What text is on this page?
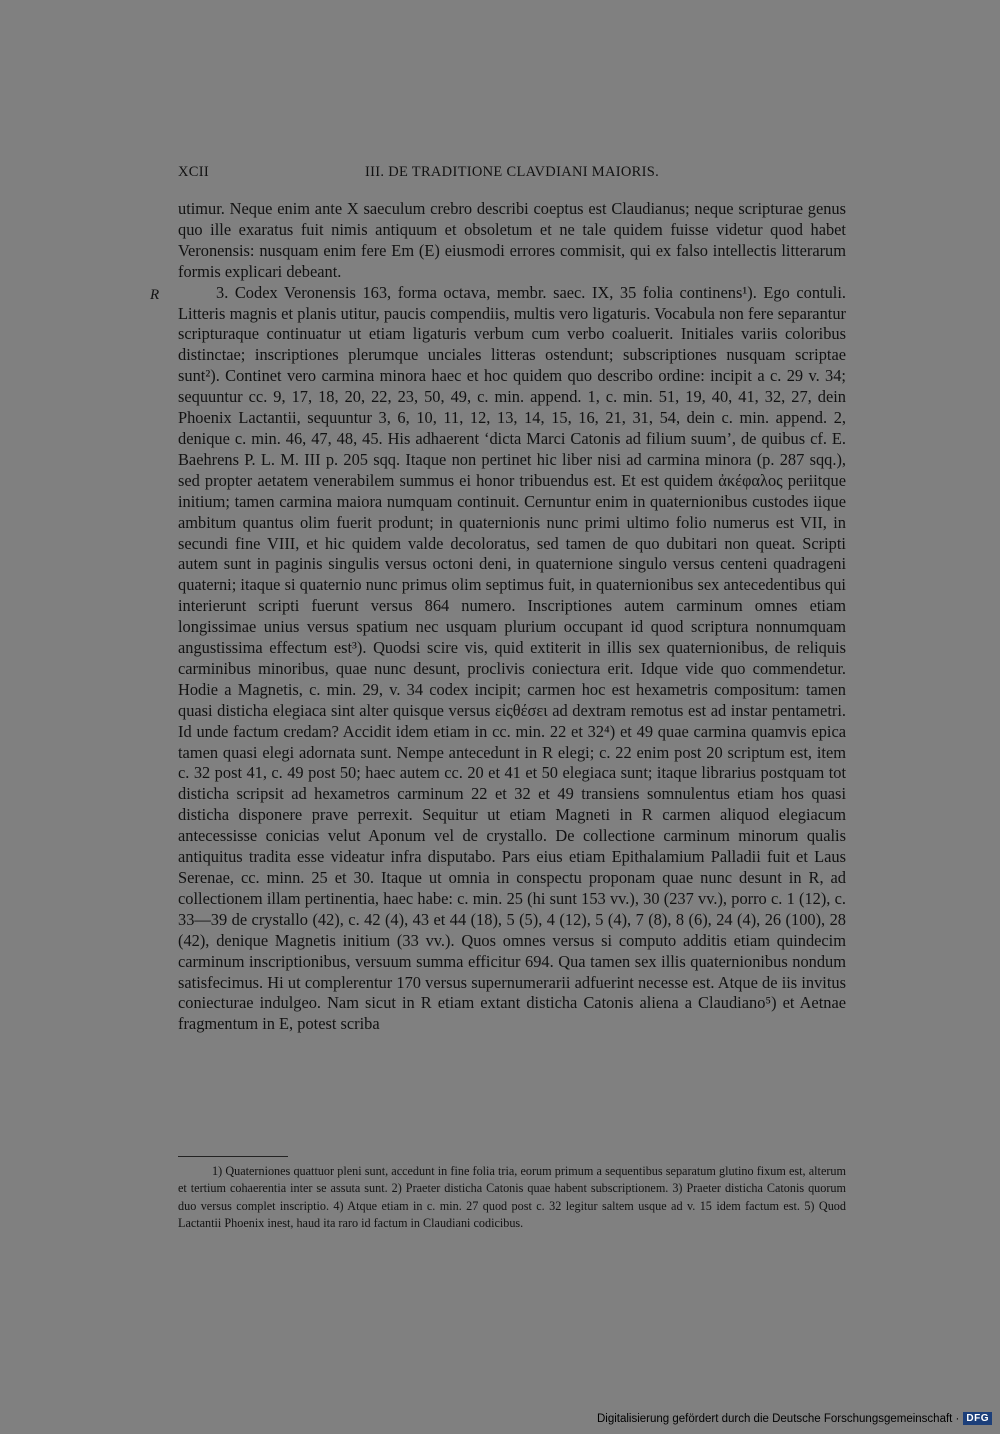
XCII	III. DE TRADITIONE CLAVDIANI MAIORIS.
R

utimur. Neque enim ante X saeculum crebro describi coeptus est Claudianus; neque scripturae genus quo ille exaratus fuit nimis antiquum et obsoletum et ne tale quidem fuisse videtur quod habet Veronensis: nusquam enim fere Em (E) eiusmodi errores commisit, qui ex falso intellectis litterarum formis explicari debeant.

3. Codex Veronensis 163, forma octava, membr. saec. IX, 35 folia continens¹). Ego contuli. Litteris magnis et planis utitur, paucis compendiis, multis vero ligaturis. Vocabula non fere separantur scripturaque continuatur ut etiam ligaturis verbum cum verbo coaluerit. Initiales variis coloribus distinctae; inscriptiones plerumque unciales litteras ostendunt; subscriptiones nusquam scriptae sunt²). Continet vero carmina minora haec et hoc quidem quo describo ordine: incipit a c. 29 v. 34; sequuntur cc. 9, 17, 18, 20, 22, 23, 50, 49, c. min. append. 1, c. min. 51, 19, 40, 41, 32, 27, dein Phoenix Lactantii, sequuntur 3, 6, 10, 11, 12, 13, 14, 15, 16, 21, 31, 54, dein c. min. append. 2, denique c. min. 46, 47, 48, 45. His adhaerent ‘dicta Marci Catonis ad filium suum’, de quibus cf. E. Baehrens P. L. M. III p. 205 sqq. Itaque non pertinet hic liber nisi ad carmina minora (p. 287 sqq.), sed propter aetatem venerabilem summus ei honor tribuendus est. Et est quidem ἀκέφαλος periitque initium; tamen carmina maiora numquam continuit. Cernuntur enim in quaternionibus custodes iique ambitum quantus olim fuerit produnt; in quaternionis nunc primi ultimo folio numerus est VII, in secundi fine VIII, et hic quidem valde decoloratus, sed tamen de quo dubitari non queat. Scripti autem sunt in paginis singulis versus octoni deni, in quaternione singulo versus centeni quadrageni quaterni; itaque si quaternio nunc primus olim septimus fuit, in quaternionibus sex antecedentibus qui interierunt scripti fuerunt versus 864 numero. Inscriptiones autem carminum omnes etiam longissimae unius versus spatium nec usquam plurium occupant id quod scriptura nonnumquam angustissima effectum est³). Quodsi scire vis, quid extiterit in illis sex quaternionibus, de reliquis carminibus minoribus, quae nunc desunt, proclivis coniectura erit. Idque vide quo commendetur. Hodie a Magnetis, c. min. 29, v. 34 codex incipit; carmen hoc est hexametris compositum: tamen quasi disticha elegiaca sint alter quisque versus εἰςθέσει ad dextram remotus est ad instar pentametri. Id unde factum credam? Accidit idem etiam in cc. min. 22 et 32⁴) et 49 quae carmina quamvis epica tamen quasi elegi adornata sunt. Nempe antecedunt in R elegi; c. 22 enim post 20 scriptum est, item c. 32 post 41, c. 49 post 50; haec autem cc. 20 et 41 et 50 elegiaca sunt; itaque librarius postquam tot disticha scripsit ad hexametros carminum 22 et 32 et 49 transiens somnulentus etiam hos quasi disticha disponere prave perrexit. Sequitur ut etiam Magneti in R carmen aliquod elegiacum antecessisse conicias velut Aponum vel de crystallo. De collectione carminum minorum qualis antiquitus tradita esse videatur infra disputabo. Pars eius etiam Epithalamium Palladii fuit et Laus Serenae, cc. minn. 25 et 30. Itaque ut omnia in conspectu proponam quae nunc desunt in R, ad collectionem illam pertinentia, haec habe: c. min. 25 (hi sunt 153 vv.), 30 (237 vv.), porro c. 1 (12), c. 33—39 de crystallo (42), c. 42 (4), 43 et 44 (18), 5 (5), 4 (12), 5 (4), 7 (8), 8 (6), 24 (4), 26 (100), 28 (42), denique Magnetis initium (33 vv.). Quos omnes versus si computo additis etiam quindecim carminum inscriptionibus, versuum summa efficitur 694. Qua tamen sex illis quaternionibus nondum satisfecimus. Hi ut complerentur 170 versus supernumerarii adfuerint necesse est. Atque de iis invitus coniecturae indulgeo. Nam sicut in R etiam extant disticha Catonis aliena a Claudiano⁵) et Aetnae fragmentum in E, potest scriba

1) Quaterniones quattuor pleni sunt, accedunt in fine folia tria, eorum primum a sequentibus separatum glutino fixum est, alterum et tertium cohaerentia inter se assuta sunt. 2) Praeter disticha Catonis quae habent subscriptionem. 3) Praeter disticha Catonis quorum duo versus complet inscriptio. 4) Atque etiam in c. min. 27 quod post c. 32 legitur saltem usque ad v. 15 idem factum est. 5) Quod Lactantii Phoenix inest, haud ita raro id factum in Claudiani codicibus.

Digitalisierung gefördert durch die Deutsche Forschungsgemeinschaft · DFG
